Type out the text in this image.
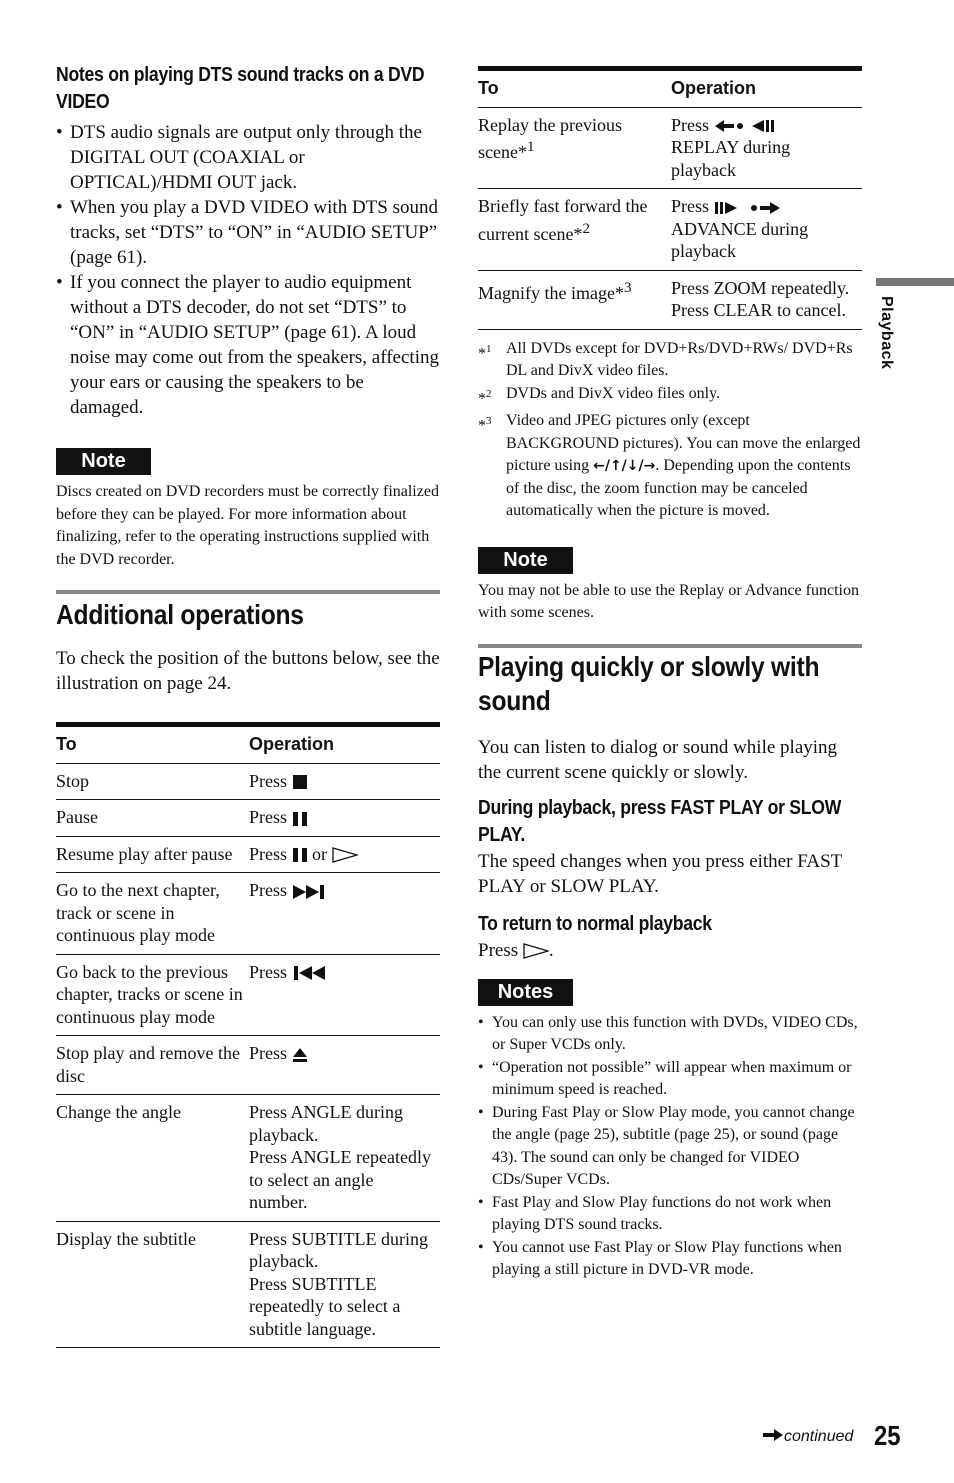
Notes on playing DTS sound tracks on a DVD VIDEO
• DTS audio signals are output only through the DIGITAL OUT (COAXIAL or OPTICAL)/HDMI OUT jack.
• When you play a DVD VIDEO with DTS sound tracks, set “DTS” to “ON” in “AUDIO SETUP” (page 61).
• If you connect the player to audio equipment without a DTS decoder, do not set “DTS” to “ON” in “AUDIO SETUP” (page 61). A loud noise may come out from the speakers, affecting your ears or causing the speakers to be damaged.
Note

Discs created on DVD recorders must be correctly finalized before they can be played. For more information about finalizing, refer to the operating instructions supplied with the DVD recorder.

Additional operations

To check the position of the buttons below, see the illustration on page 24.

To	Operation
Stop	Press
Pause	Press
Resume play after pause	Press or
Go to the next chapter, track or scene in continuous play mode	Press
Go back to the previous chapter, tracks or scene in continuous play mode	Press
Stop play and remove the disc	Press
Change the angle	Press ANGLE during playback.
Press ANGLE repeatedly to select an angle number.
Display the subtitle	Press SUBTITLE during playback.
Press SUBTITLE repeatedly to select a subtitle language.
To	Operation
Replay the previous scene*$^1$	Press
REPLAY during playback
Briefly fast forward the current scene*$^2$	Press
ADVANCE during playback
Magnify the image*$^3$	Press ZOOM repeatedly. Press CLEAR to cancel.
*$^1$ All DVDs except for DVD+Rs/DVD+RWs/ DVD+Rs DL and DivX video files.
*$^2$ DVDs and DivX video files only.
*$^3$ Video and JPEG pictures only (except BACKGROUND pictures). You can move the enlarged picture using ←/↑/↓/→. Depending upon the contents of the disc, the zoom function may be canceled automatically when the picture is moved.
Note

You may not be able to use the Replay or Advance function with some scenes.

Playing quickly or slowly with sound

You can listen to dialog or sound while playing the current scene quickly or slowly.

During playback, press FAST PLAY or SLOW PLAY.

The speed changes when you press either FAST PLAY or SLOW PLAY.

To return to normal playback

Press .

Notes
• You can only use this function with DVDs, VIDEO CDs, or Super VCDs only.
• “Operation not possible” will appear when maximum or minimum speed is reached.
• During Fast Play or Slow Play mode, you cannot change the angle (page 25), subtitle (page 25), or sound (page 43). The sound can only be changed for VIDEO CDs/Super VCDs.
• Fast Play and Slow Play functions do not work when playing DTS sound tracks.
• You cannot use Fast Play or Slow Play functions when playing a still picture in DVD-VR mode.
Playback
continued 25
